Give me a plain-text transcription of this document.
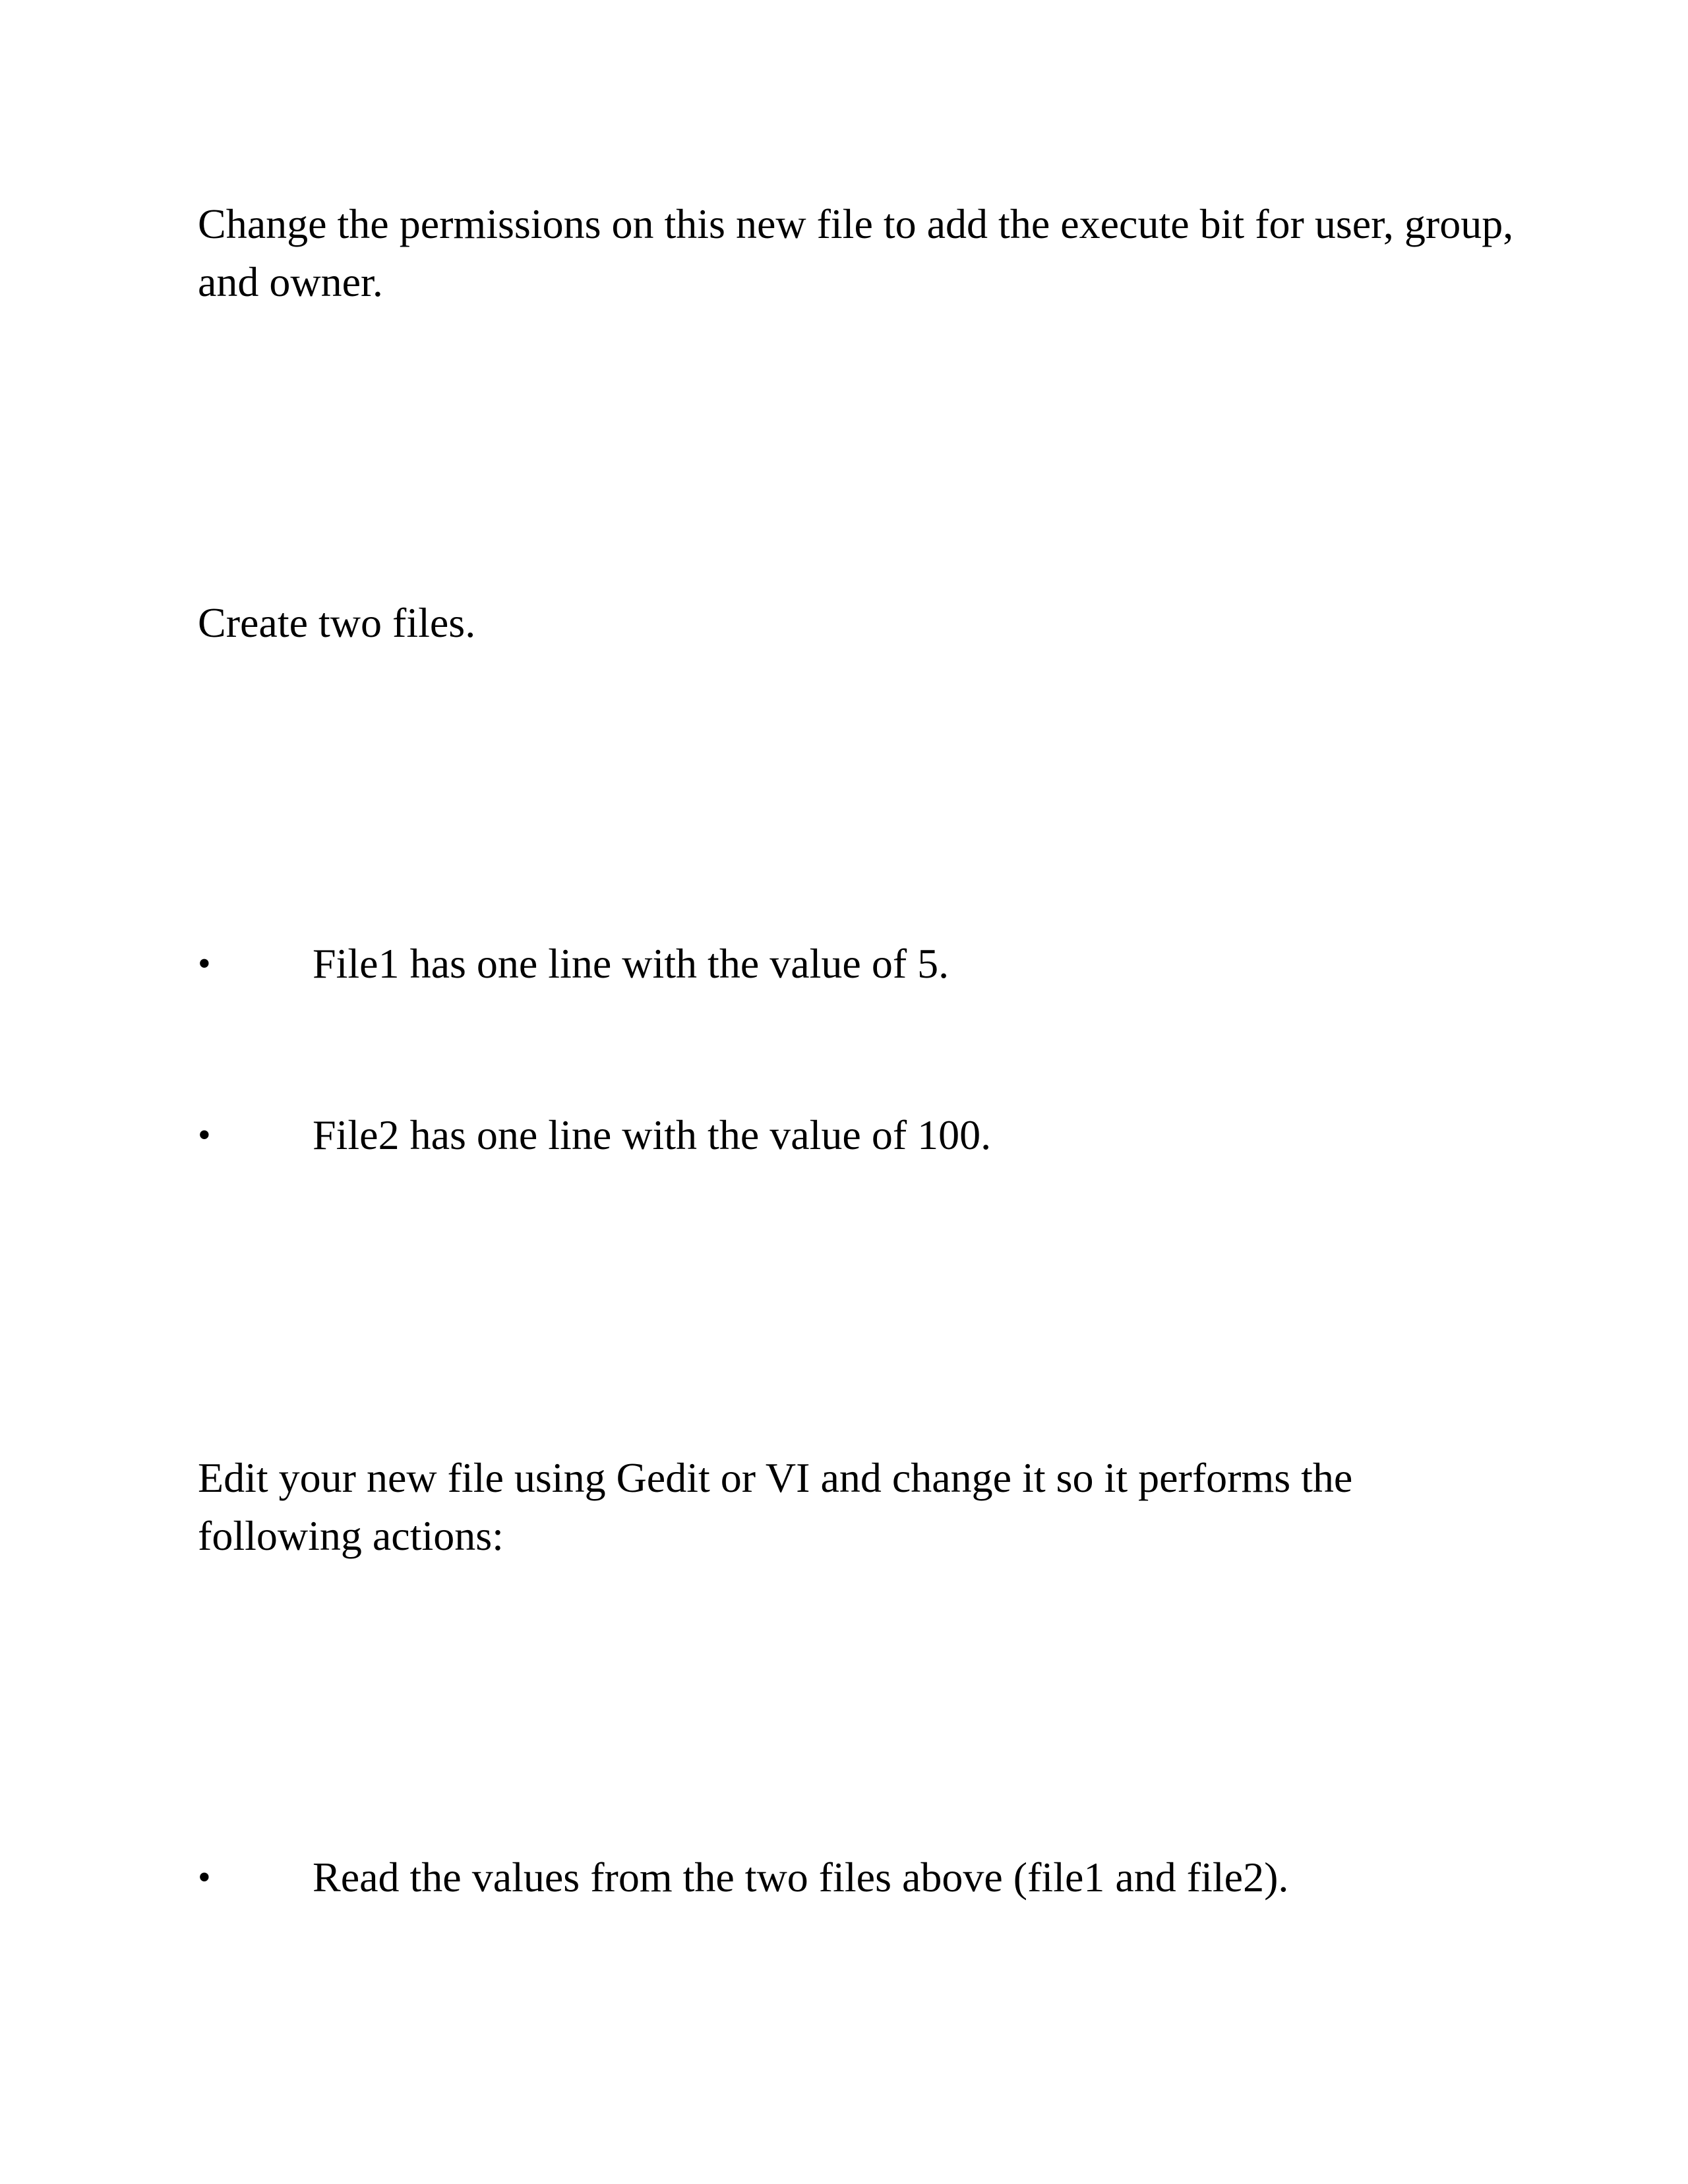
Change the permissions on this new file to add the execute bit for user, group, and owner.

Create two files.

•	File1 has one line with the value of 5.
•	File2 has one line with the value of 100.

Edit your new file using Gedit or VI and change it so it performs the following actions:

•	Read the values from the two files above (file1 and file2).
